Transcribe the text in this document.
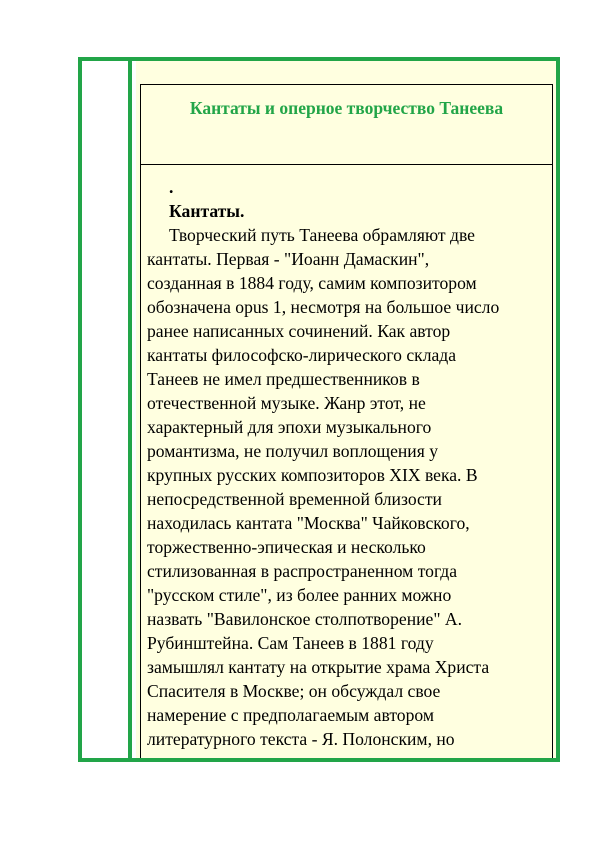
Кантаты и оперное творчество Танеева
.
Кантаты.
Творческий путь Танеева обрамляют две
кантаты. Первая - "Иоанн Дамаскин",
созданная в 1884 году, самим композитором
обозначена opus 1, несмотря на большое число
ранее написанных сочинений. Как автор
кантаты философско-лирического склада
Танеев не имел предшественников в
отечественной музыке. Жанр этот, не
характерный для эпохи музыкального
романтизма, не получил воплощения у
крупных русских композиторов XIX века. В
непосредственной временной близости
находилась кантата "Москва" Чайковского,
торжественно-эпическая и несколько
стилизованная в распространенном тогда
"русском стиле", из более ранних можно
назвать "Вавилонское столпотворение" А.
Рубинштейна. Сам Танеев в 1881 году
замышлял кантату на открытие храма Христа
Спасителя в Москве; он обсуждал свое
намерение с предполагаемым автором
литературного текста - Я. Полонским, но
